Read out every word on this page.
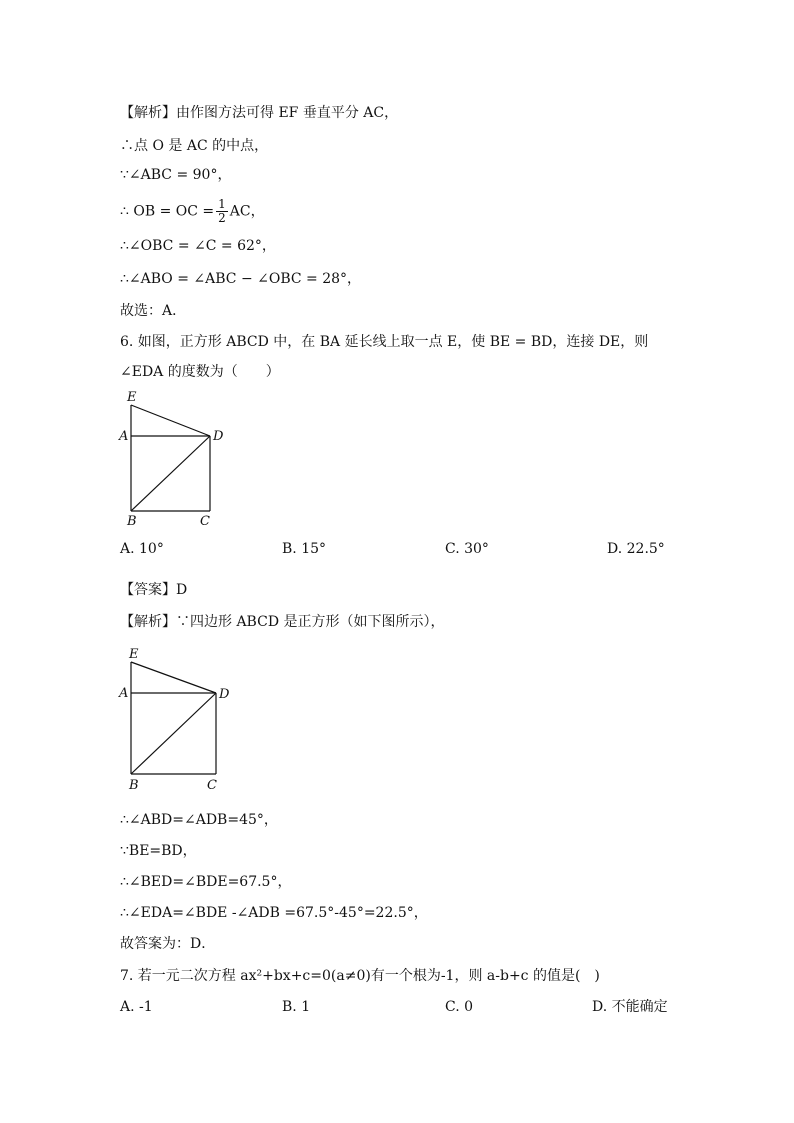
【解析】由作图方法可得 EF 垂直平分 AC，
∴点 O 是 AC 的中点，
∵∠ABC = 90°，
∴ OB = OC = $\frac{1}{2}$ AC，
∴∠OBC = ∠C = 62°，
∴∠ABO = ∠ABC − ∠OBC = 28°，
故选：A．
6. 如图，正方形 ABCD 中，在 BA 延长线上取一点 E，使 BE = BD，连接 DE，则
∠EDA 的度数为（　　）
E
A	D
B	C
A. 10°	B. 15°	C. 30°	D. 22.5°
【答案】D
【解析】∵四边形 ABCD 是正方形（如下图所示），
E
A	D
B	C
∴∠ABD=∠ADB=45°，
∵BE=BD，
∴∠BED=∠BDE=67.5°，
∴∠EDA=∠BDE -∠ADB =67.5°-45°=22.5°，
故答案为：D．
7. 若一元二次方程 ax²+bx+c=0(a≠0)有一个根为-1，则 a-b+c 的值是(　)
A. -1	B. 1	C. 0	D. 不能确定
